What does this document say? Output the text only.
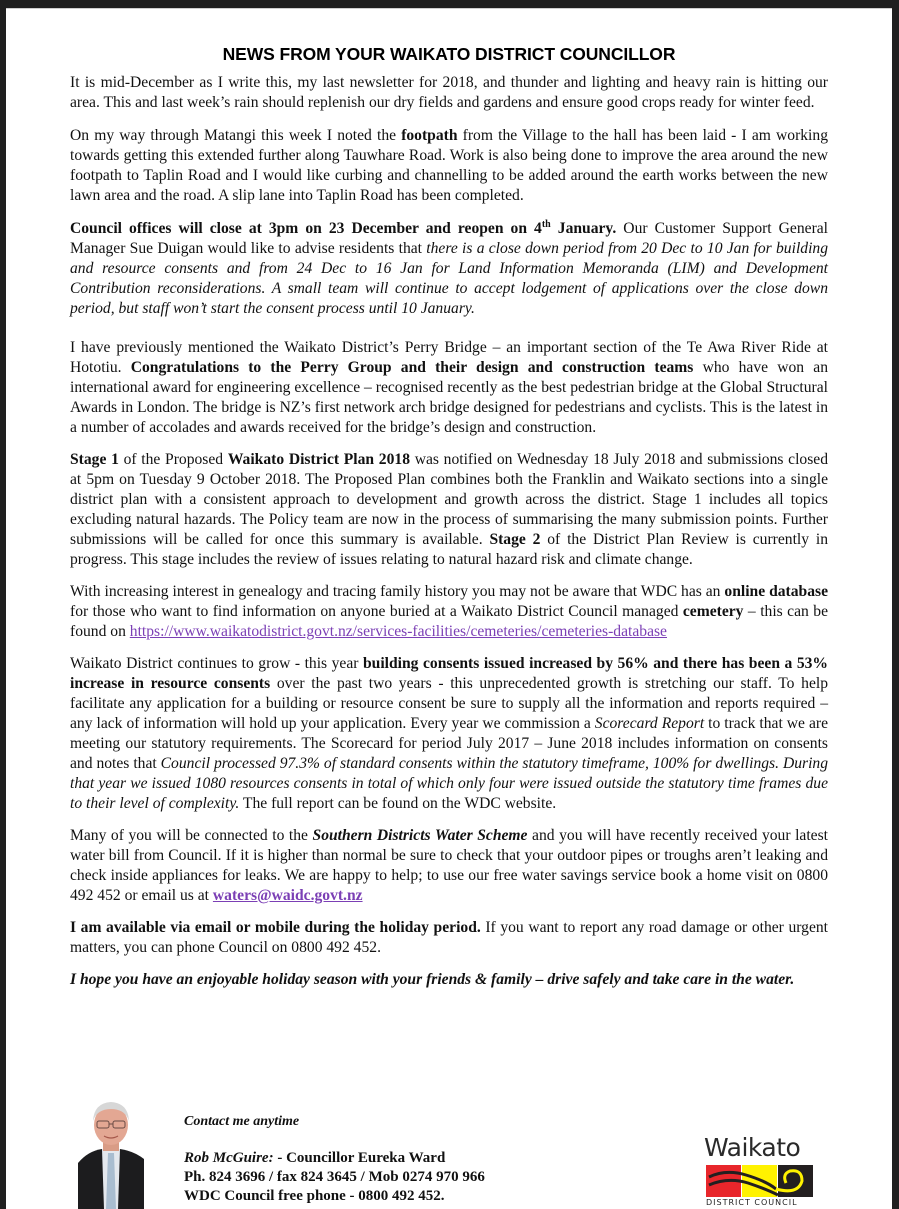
NEWS FROM YOUR WAIKATO DISTRICT COUNCILLOR

It is mid-December as I write this, my last newsletter for 2018, and thunder and lighting and heavy rain is hitting our area. This and last week’s rain should replenish our dry fields and gardens and ensure good crops ready for winter feed.

On my way through Matangi this week I noted the footpath from the Village to the hall has been laid - I am working towards getting this extended further along Tauwhare Road. Work is also being done to improve the area around the new footpath to Taplin Road and I would like curbing and channelling to be added around the earth works between the new lawn area and the road. A slip lane into Taplin Road has been completed.

Council offices will close at 3pm on 23 December and reopen on 4th January. Our Customer Support General Manager Sue Duigan would like to advise residents that there is a close down period from 20 Dec to 10 Jan for building and resource consents and from 24 Dec to 16 Jan for Land Information Memoranda (LIM) and Development Contribution reconsiderations. A small team will continue to accept lodgement of applications over the close down period, but staff won’t start the consent process until 10 January.

I have previously mentioned the Waikato District’s Perry Bridge – an important section of the Te Awa River Ride at Hototiu. Congratulations to the Perry Group and their design and construction teams who have won an international award for engineering excellence – recognised recently as the best pedestrian bridge at the Global Structural Awards in London. The bridge is NZ’s first network arch bridge designed for pedestrians and cyclists. This is the latest in a number of accolades and awards received for the bridge’s design and construction.

Stage 1 of the Proposed Waikato District Plan 2018 was notified on Wednesday 18 July 2018 and submissions closed at 5pm on Tuesday 9 October 2018. The Proposed Plan combines both the Franklin and Waikato sections into a single district plan with a consistent approach to development and growth across the district. Stage 1 includes all topics excluding natural hazards. The Policy team are now in the process of summarising the many submission points. Further submissions will be called for once this summary is available. Stage 2 of the District Plan Review is currently in progress. This stage includes the review of issues relating to natural hazard risk and climate change.

With increasing interest in genealogy and tracing family history you may not be aware that WDC has an online database for those who want to find information on anyone buried at a Waikato District Council managed cemetery – this can be found on https://www.waikatodistrict.govt.nz/services-facilities/cemeteries/cemeteries-database

Waikato District continues to grow - this year building consents issued increased by 56% and there has been a 53% increase in resource consents over the past two years - this unprecedented growth is stretching our staff. To help facilitate any application for a building or resource consent be sure to supply all the information and reports required – any lack of information will hold up your application. Every year we commission a Scorecard Report to track that we are meeting our statutory requirements. The Scorecard for period July 2017 – June 2018 includes information on consents and notes that Council processed 97.3% of standard consents within the statutory timeframe, 100% for dwellings. During that year we issued 1080 resources consents in total of which only four were issued outside the statutory time frames due to their level of complexity. The full report can be found on the WDC website.

Many of you will be connected to the Southern Districts Water Scheme and you will have recently received your latest water bill from Council. If it is higher than normal be sure to check that your outdoor pipes or troughs aren’t leaking and check inside appliances for leaks. We are happy to help; to use our free water savings service book a home visit on 0800 492 452 or email us at waters@waidc.govt.nz

I am available via email or mobile during the holiday period. If you want to report any road damage or other urgent matters, you can phone Council on 0800 492 452.

I hope you have an enjoyable holiday season with your friends & family – drive safely and take care in the water.

Contact me anytime
Rob McGuire: - Councillor Eureka Ward
Ph. 824 3696 / fax 824 3645 / Mob 0274 970 966
WDC Council free phone - 0800 492 452.
Waikato
DISTRICT COUNCIL
